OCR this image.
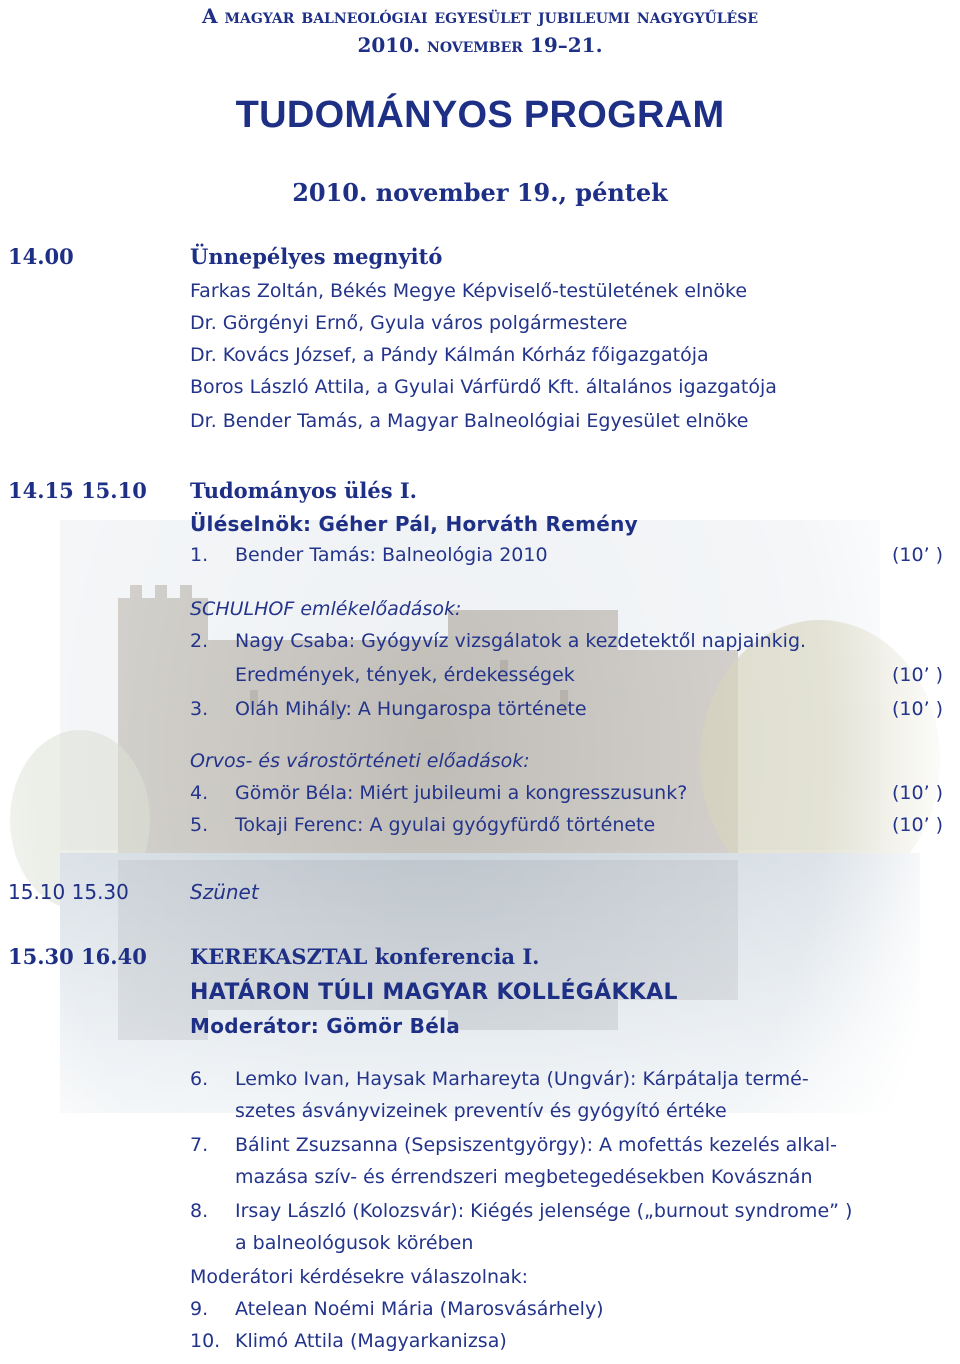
A magyar balneológiai egyesület jubileumi nagygyűlése
2010. november 19–21.
TUDOMÁNYOS PROGRAM
2010. november 19., péntek
14.00	Ünnepélyes megnyitó
Farkas Zoltán, Békés Megye Képviselő-testületének elnöke
Dr. Görgényi Ernő, Gyula város polgármestere
Dr. Kovács József, a Pándy Kálmán Kórház főigazgatója
Boros László Attila, a Gyulai Várfürdő Kft. általános igazgatója
Dr. Bender Tamás, a Magyar Balneológiai Egyesület elnöke
14.15 15.10 Tudományos ülés I.
Üléselnök: Géher Pál, Horváth Remény
1. Bender Tamás: Balneológia 2010	(10’ )
SCHULHOF emlékelőadások:
2. Nagy Csaba: Gyógyvíz vizsgálatok a kezdetektől napjainkig.
Eredmények, tények, érdekességek	(10’ )
3. Oláh Mihály: A Hungarospa története	(10’ )
Orvos- és várostörténeti előadások:
4. Gömör Béla: Miért jubileumi a kongresszusunk?	(10’ )
5. Tokaji Ferenc: A gyulai gyógyfürdő története	(10’ )
15.10 15.30	Szünet
15.30 16.40 KEREKASZTAL konferencia I.
HATÁRON TÚLI MAGYAR KOLLÉGÁKKAL
Moderátor: Gömör Béla
6. Lemko Ivan, Haysak Marhareyta (Ungvár): Kárpátalja termé-
szetes ásványvizeinek preventív és gyógyító értéke
7. Bálint Zsuzsanna (Sepsiszentgyörgy): A mofettás kezelés alkal-
mazása szív- és érrendszeri megbetegedésekben Kovásznán
8. Irsay László (Kolozsvár): Kiégés jelensége („burnout syndrome” )
a balneológusok körében
Moderátori kérdésekre válaszolnak:
9. Atelean Noémi Mária (Marosvásárhely)
10. Klimó Attila (Magyarkanizsa)
